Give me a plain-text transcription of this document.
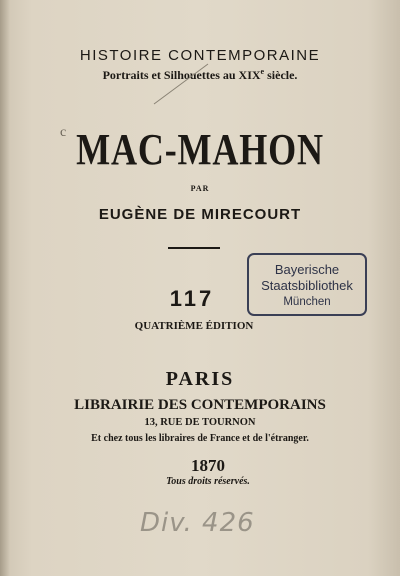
HISTOIRE CONTEMPORAINE
Portraits et Silhouettes au XIXe siècle.
c MAC-MAHON
PAR
EUGÈNE DE MIRECOURT
Bayerische
Staatsbibliothek
München
117
QUATRIÈME ÉDITION
PARIS
LIBRAIRIE DES CONTEMPORAINS
13, RUE DE TOURNON
Et chez tous les libraires de France et de l'étranger.
1870
Tous droits réservés.
Div. 426
